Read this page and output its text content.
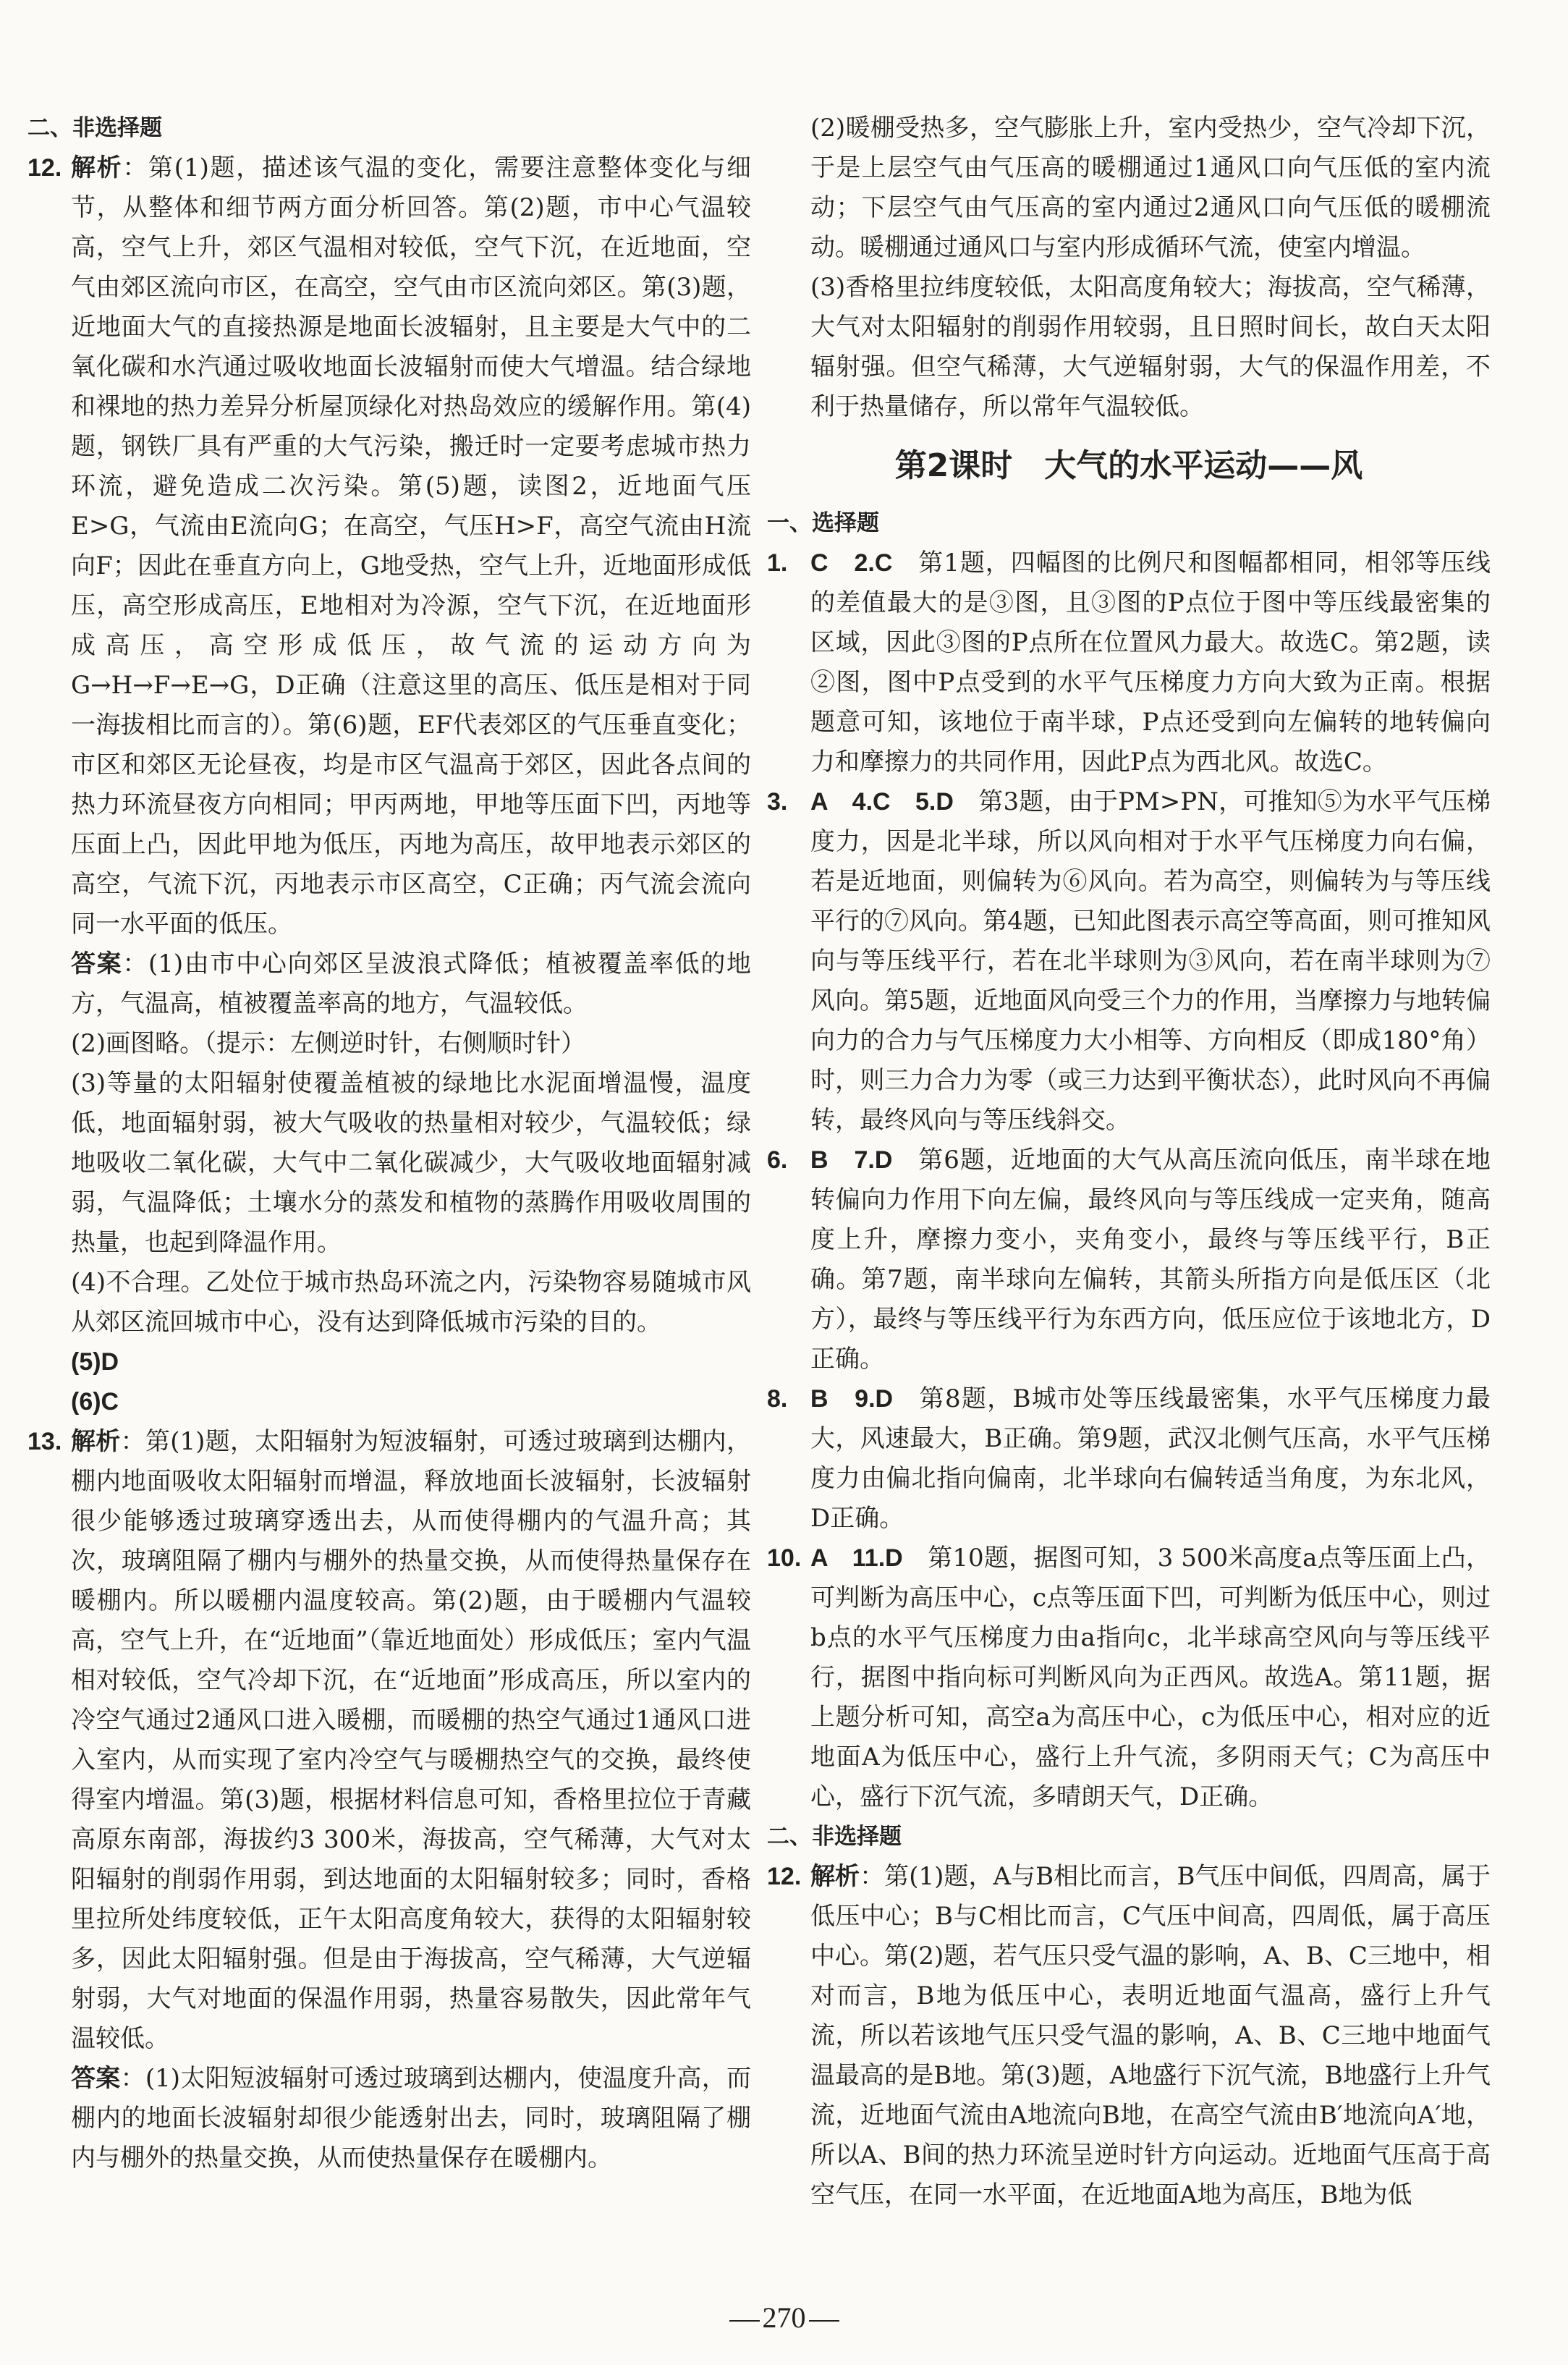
二、非选择题

12. 解析：第(1)题，描述该气温的变化，需要注意整体变化与细节，从整体和细节两方面分析回答。第(2)题，市中心气温较高，空气上升，郊区气温相对较低，空气下沉，在近地面，空气由郊区流向市区，在高空，空气由市区流向郊区。第(3)题，近地面大气的直接热源是地面长波辐射，且主要是大气中的二氧化碳和水汽通过吸收地面长波辐射而使大气增温。结合绿地和裸地的热力差异分析屋顶绿化对热岛效应的缓解作用。第(4)题，钢铁厂具有严重的大气污染，搬迁时一定要考虑城市热力环流，避免造成二次污染。第(5)题，读图2，近地面气压E>G，气流由E流向G；在高空，气压H>F，高空气流由H流向F；因此在垂直方向上，G地受热，空气上升，近地面形成低压，高空形成高压，E地相对为冷源，空气下沉，在近地面形成高压，高空形成低压，故气流的运动方向为G→H→F→E→G，D正确（注意这里的高压、低压是相对于同一海拔相比而言的）。第(6)题，EF代表郊区的气压垂直变化；市区和郊区无论昼夜，均是市区气温高于郊区，因此各点间的热力环流昼夜方向相同；甲丙两地，甲地等压面下凹，丙地等压面上凸，因此甲地为低压，丙地为高压，故甲地表示郊区的高空，气流下沉，丙地表示市区高空，C正确；丙气流会流向同一水平面的低压。

答案：(1)由市中心向郊区呈波浪式降低；植被覆盖率低的地方，气温高，植被覆盖率高的地方，气温较低。

(2)画图略。（提示：左侧逆时针，右侧顺时针）

(3)等量的太阳辐射使覆盖植被的绿地比水泥面增温慢，温度低，地面辐射弱，被大气吸收的热量相对较少，气温较低；绿地吸收二氧化碳，大气中二氧化碳减少，大气吸收地面辐射减弱，气温降低；土壤水分的蒸发和植物的蒸腾作用吸收周围的热量，也起到降温作用。

(4)不合理。乙处位于城市热岛环流之内，污染物容易随城市风从郊区流回城市中心，没有达到降低城市污染的目的。

(5)D

(6)C

13. 解析：第(1)题，太阳辐射为短波辐射，可透过玻璃到达棚内，棚内地面吸收太阳辐射而增温，释放地面长波辐射，长波辐射很少能够透过玻璃穿透出去，从而使得棚内的气温升高；其次，玻璃阻隔了棚内与棚外的热量交换，从而使得热量保存在暖棚内。所以暖棚内温度较高。第(2)题，由于暖棚内气温较高，空气上升，在“近地面”（靠近地面处）形成低压；室内气温相对较低，空气冷却下沉，在“近地面”形成高压，所以室内的冷空气通过2通风口进入暖棚，而暖棚的热空气通过1通风口进入室内，从而实现了室内冷空气与暖棚热空气的交换，最终使得室内增温。第(3)题，根据材料信息可知，香格里拉位于青藏高原东南部，海拔约3 300米，海拔高，空气稀薄，大气对太阳辐射的削弱作用弱，到达地面的太阳辐射较多；同时，香格里拉所处纬度较低，正午太阳高度角较大，获得的太阳辐射较多，因此太阳辐射强。但是由于海拔高，空气稀薄，大气逆辐射弱，大气对地面的保温作用弱，热量容易散失，因此常年气温较低。

答案：(1)太阳短波辐射可透过玻璃到达棚内，使温度升高，而棚内的地面长波辐射却很少能透射出去，同时，玻璃阻隔了棚内与棚外的热量交换，从而使热量保存在暖棚内。

(2)暖棚受热多，空气膨胀上升，室内受热少，空气冷却下沉，于是上层空气由气压高的暖棚通过1通风口向气压低的室内流动；下层空气由气压高的室内通过2通风口向气压低的暖棚流动。暖棚通过通风口与室内形成循环气流，使室内增温。

(3)香格里拉纬度较低，太阳高度角较大；海拔高，空气稀薄，大气对太阳辐射的削弱作用较弱，且日照时间长，故白天太阳辐射强。但空气稀薄，大气逆辐射弱，大气的保温作用差，不利于热量储存，所以常年气温较低。

第2课时　大气的水平运动——风

一、选择题

1. C　2.C　第1题，四幅图的比例尺和图幅都相同，相邻等压线的差值最大的是③图，且③图的P点位于图中等压线最密集的区域，因此③图的P点所在位置风力最大。故选C。第2题，读②图，图中P点受到的水平气压梯度力方向大致为正南。根据题意可知，该地位于南半球，P点还受到向左偏转的地转偏向力和摩擦力的共同作用，因此P点为西北风。故选C。
3. A　4.C　5.D　第3题，由于PM>PN，可推知⑤为水平气压梯度力，因是北半球，所以风向相对于水平气压梯度力向右偏，若是近地面，则偏转为⑥风向。若为高空，则偏转为与等压线平行的⑦风向。第4题，已知此图表示高空等高面，则可推知风向与等压线平行，若在北半球则为③风向，若在南半球则为⑦风向。第5题，近地面风向受三个力的作用，当摩擦力与地转偏向力的合力与气压梯度力大小相等、方向相反（即成180°角）时，则三力合力为零（或三力达到平衡状态），此时风向不再偏转，最终风向与等压线斜交。
6. B　7.D　第6题，近地面的大气从高压流向低压，南半球在地转偏向力作用下向左偏，最终风向与等压线成一定夹角，随高度上升，摩擦力变小，夹角变小，最终与等压线平行，B正确。第7题，南半球向左偏转，其箭头所指方向是低压区（北方），最终与等压线平行为东西方向，低压应位于该地北方，D正确。
8. B　9.D　第8题，B城市处等压线最密集，水平气压梯度力最大，风速最大，B正确。第9题，武汉北侧气压高，水平气压梯度力由偏北指向偏南，北半球向右偏转适当角度，为东北风，D正确。
10. A　11.D　第10题，据图可知，3 500米高度a点等压面上凸，可判断为高压中心，c点等压面下凹，可判断为低压中心，则过b点的水平气压梯度力由a指向c，北半球高空风向与等压线平行，据图中指向标可判断风向为正西风。故选A。第11题，据上题分析可知，高空a为高压中心，c为低压中心，相对应的近地面A为低压中心，盛行上升气流，多阴雨天气；C为高压中心，盛行下沉气流，多晴朗天气，D正确。

二、非选择题

12. 解析：第(1)题，A与B相比而言，B气压中间低，四周高，属于低压中心；B与C相比而言，C气压中间高，四周低，属于高压中心。第(2)题，若气压只受气温的影响，A、B、C三地中，相对而言，B地为低压中心，表明近地面气温高，盛行上升气流，所以若该地气压只受气温的影响，A、B、C三地中地面气温最高的是B地。第(3)题，A地盛行下沉气流，B地盛行上升气流，近地面气流由A地流向B地，在高空气流由B′地流向A′地，所以A、B间的热力环流呈逆时针方向运动。近地面气压高于高空气压，在同一水平面，在近地面A地为高压，B地为低
270
